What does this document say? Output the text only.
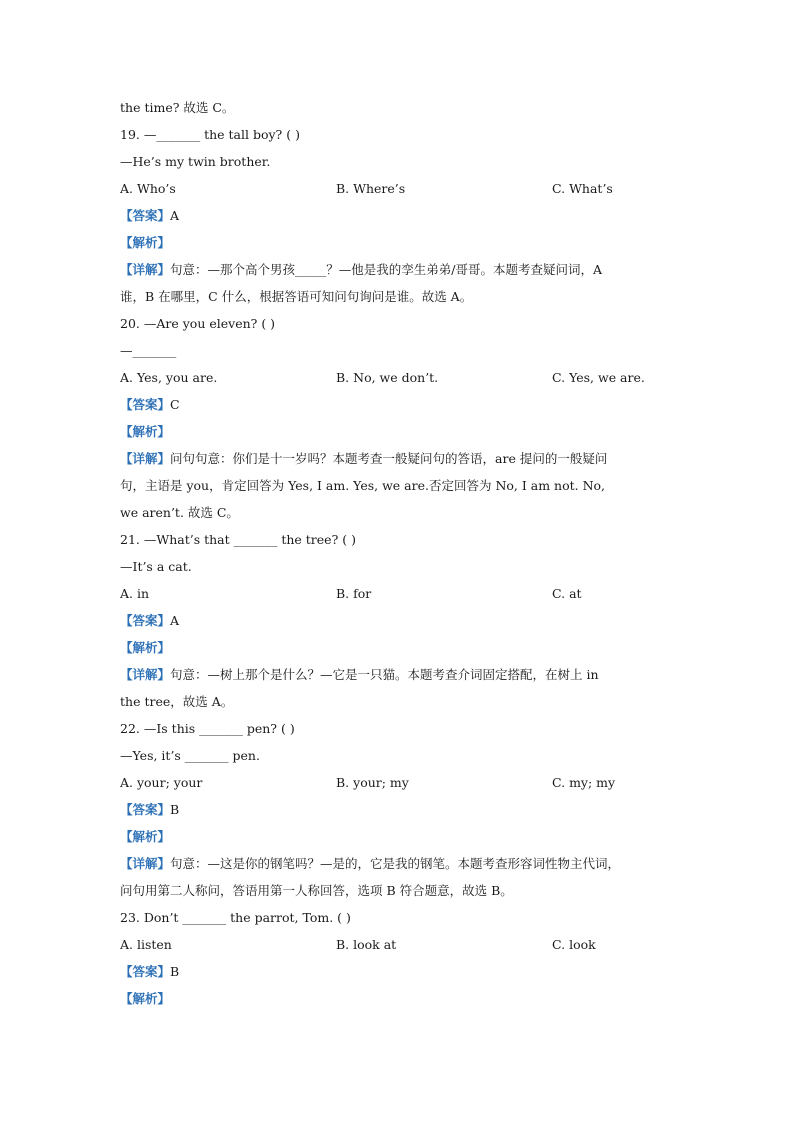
the time? 故选 C。
19. —_______ the tall boy? ( )
—He’s my twin brother.
A. Who’s	B. Where’s	C. What’s
【答案】A
【解析】
【详解】句意：—那个高个男孩_____？—他是我的孪生弟弟/哥哥。本题考查疑问词，A
谁，B 在哪里，C 什么，根据答语可知问句询问是谁。故选 A。
20. —Are you eleven? ( )
—_______
A. Yes, you are.	B. No, we don’t.	C. Yes, we are.
【答案】C
【解析】
【详解】问句句意：你们是十一岁吗？本题考查一般疑问句的答语，are 提问的一般疑问
句，主语是 you，肯定回答为 Yes, I am. Yes, we are.否定回答为 No, I am not. No,
we aren’t. 故选 C。
21. —What’s that _______ the tree? ( )
—It’s a cat.
A. in	B. for	C. at
【答案】A
【解析】
【详解】句意：—树上那个是什么？—它是一只猫。本题考查介词固定搭配，在树上 in
the tree，故选 A。
22. —Is this _______ pen? ( )
—Yes, it’s _______ pen.
A. your; your	B. your; my	C. my; my
【答案】B
【解析】
【详解】句意：—这是你的钢笔吗？—是的，它是我的钢笔。本题考查形容词性物主代词，
问句用第二人称问，答语用第一人称回答，选项 B 符合题意，故选 B。
23. Don’t _______ the parrot, Tom. ( )
A. listen	B. look at	C. look
【答案】B
【解析】
